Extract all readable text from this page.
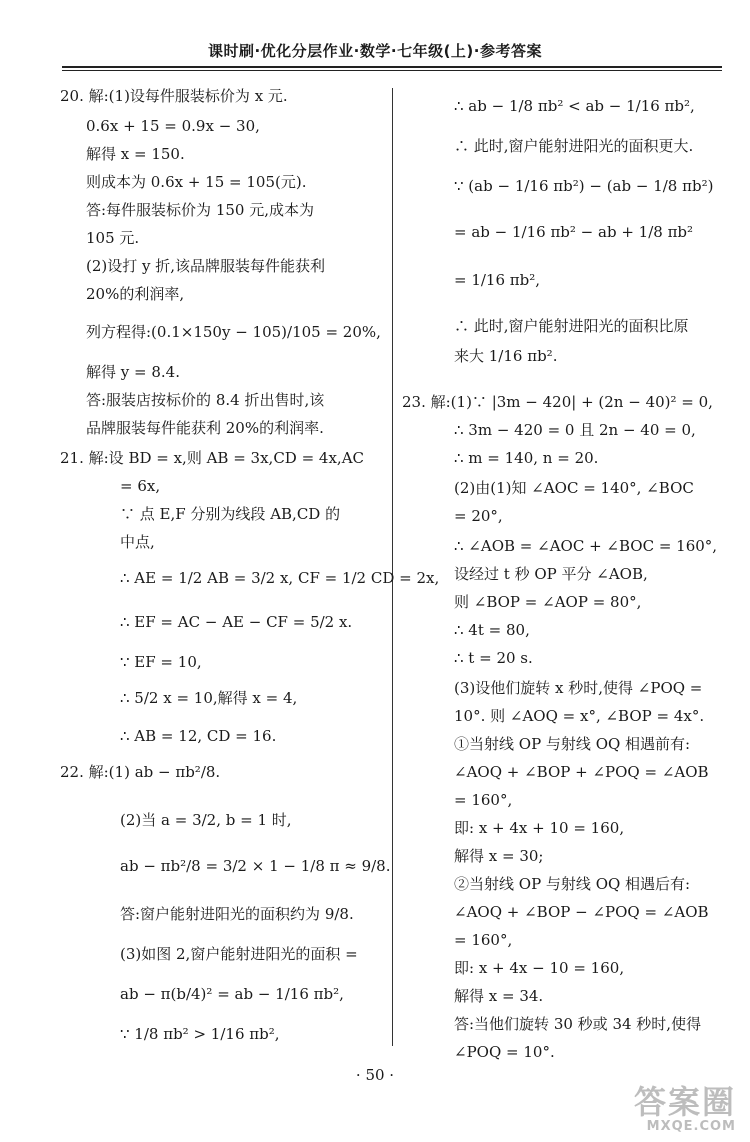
课时刷·优化分层作业·数学·七年级(上)·参考答案
20. 解:(1)设每件服装标价为 x 元.
0.6x + 15 = 0.9x − 30,
解得 x = 150.
则成本为 0.6x + 15 = 105(元).
答:每件服装标价为 150 元,成本为
105 元.
(2)设打 y 折,该品牌服装每件能获利
20%的利润率,
列方程得:(0.1×150y − 105)/105 = 20%,
解得 y = 8.4.
答:服装店按标价的 8.4 折出售时,该
品牌服装每件能获利 20%的利润率.
21. 解:设 BD = x,则 AB = 3x,CD = 4x,AC
= 6x,
∵ 点 E,F 分别为线段 AB,CD 的
中点,
∴ AE = 1/2 AB = 3/2 x, CF = 1/2 CD = 2x,
∴ EF = AC − AE − CF = 5/2 x.
∵ EF = 10,
∴ 5/2 x = 10,解得 x = 4,
∴ AB = 12, CD = 16.
22. 解:(1) ab − πb²/8.
(2)当 a = 3/2, b = 1 时,
ab − πb²/8 = 3/2 × 1 − 1/8 π ≈ 9/8.
答:窗户能射进阳光的面积约为 9/8.
(3)如图 2,窗户能射进阳光的面积 =
ab − π(b/4)² = ab − 1/16 πb²,
∵ 1/8 πb² > 1/16 πb²,
∴ ab − 1/8 πb² < ab − 1/16 πb²,
∴ 此时,窗户能射进阳光的面积更大.
∵ (ab − 1/16 πb²) − (ab − 1/8 πb²)
= ab − 1/16 πb² − ab + 1/8 πb²
= 1/16 πb²,
∴ 此时,窗户能射进阳光的面积比原
来大 1/16 πb².
23. 解:(1)∵ |3m − 420| + (2n − 40)² = 0,
∴ 3m − 420 = 0 且 2n − 40 = 0,
∴ m = 140, n = 20.
(2)由(1)知 ∠AOC = 140°, ∠BOC
= 20°,
∴ ∠AOB = ∠AOC + ∠BOC = 160°,
设经过 t 秒 OP 平分 ∠AOB,
则 ∠BOP = ∠AOP = 80°,
∴ 4t = 80,
∴ t = 20 s.
(3)设他们旋转 x 秒时,使得 ∠POQ =
10°. 则 ∠AOQ = x°, ∠BOP = 4x°.
①当射线 OP 与射线 OQ 相遇前有:
∠AOQ + ∠BOP + ∠POQ = ∠AOB
= 160°,
即: x + 4x + 10 = 160,
解得 x = 30;
②当射线 OP 与射线 OQ 相遇后有:
∠AOQ + ∠BOP − ∠POQ = ∠AOB
= 160°,
即: x + 4x − 10 = 160,
解得 x = 34.
答:当他们旋转 30 秒或 34 秒时,使得
∠POQ = 10°.
· 50 ·
答案圈
MXQE.COM
